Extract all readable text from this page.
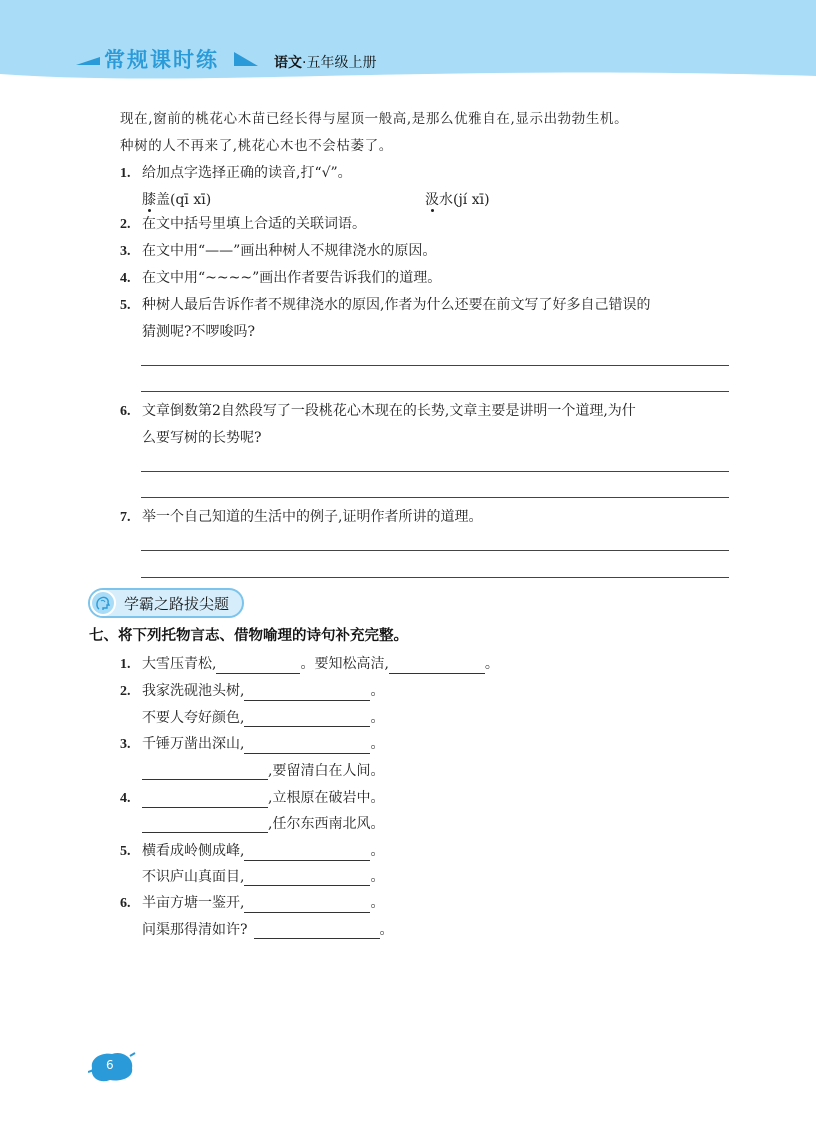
常规课时练	语文·五年级上册
现在,窗前的桃花心木苗已经长得与屋顶一般高,是那么优雅自在,显示出勃勃生机。
种树的人不再来了,桃花心木也不会枯萎了。
1. 给加点字选择正确的读音,打“√”。
膝盖(qī xī)	汲水(jí xī)
2. 在文中括号里填上合适的关联词语。
3. 在文中用“——”画出种树人不规律浇水的原因。
4. 在文中用“~~~~”画出作者要告诉我们的道理。
5. 种树人最后告诉作者不规律浇水的原因,作者为什么还要在前文写了好多自己错误的
猜测呢?不啰唆吗?
6. 文章倒数第2自然段写了一段桃花心木现在的长势,文章主要是讲明一个道理,为什
么要写树的长势呢?
7. 举一个自己知道的生活中的例子,证明作者所讲的道理。
学霸之路拔尖题
七、将下列托物言志、借物喻理的诗句补充完整。
1. 大雪压青松,	。要知松高洁,	。
2. 我家洗砚池头树,	。
不要人夸好颜色,	。
3. 千锤万凿出深山,	。
,要留清白在人间。
4.	,立根原在破岩中。
,任尔东西南北风。
5. 横看成岭侧成峰,	。
不识庐山真面目,	。
6. 半亩方塘一鉴开,	。
问渠那得清如许?	。
6
